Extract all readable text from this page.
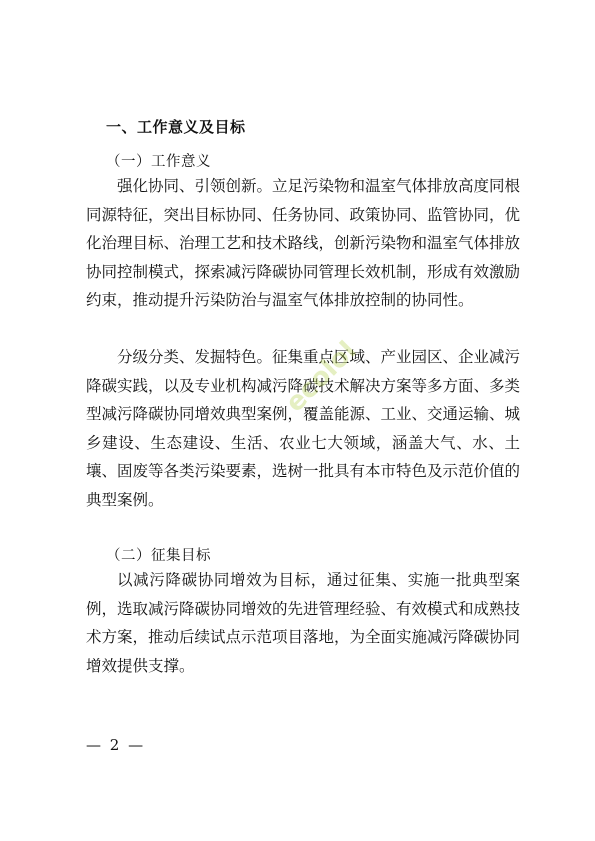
一、工作意义及目标
（一）工作意义

强化协同、引领创新。立足污染物和温室气体排放高度同根同源特征，突出目标协同、任务协同、政策协同、监管协同，优化治理目标、治理工艺和技术路线，创新污染物和温室气体排放协同控制模式，探索减污降碳协同管理长效机制，形成有效激励约束，推动提升污染防治与温室气体排放控制的协同性。

分级分类、发掘特色。征集重点区域、产业园区、企业减污降碳实践，以及专业机构减污降碳技术解决方案等多方面、多类型减污降碳协同增效典型案例，覆盖能源、工业、交通运输、城乡建设、生态建设、生活、农业七大领域，涵盖大气、水、土壤、固废等各类污染要素，选树一批具有本市特色及示范价值的典型案例。

（二）征集目标

以减污降碳协同增效为目标，通过征集、实施一批典型案例，选取减污降碳协同增效的先进管理经验、有效模式和成熟技术方案，推动后续试点示范项目落地，为全面实施减污降碳协同增效提供支撑。

ecolol
— 2 —
